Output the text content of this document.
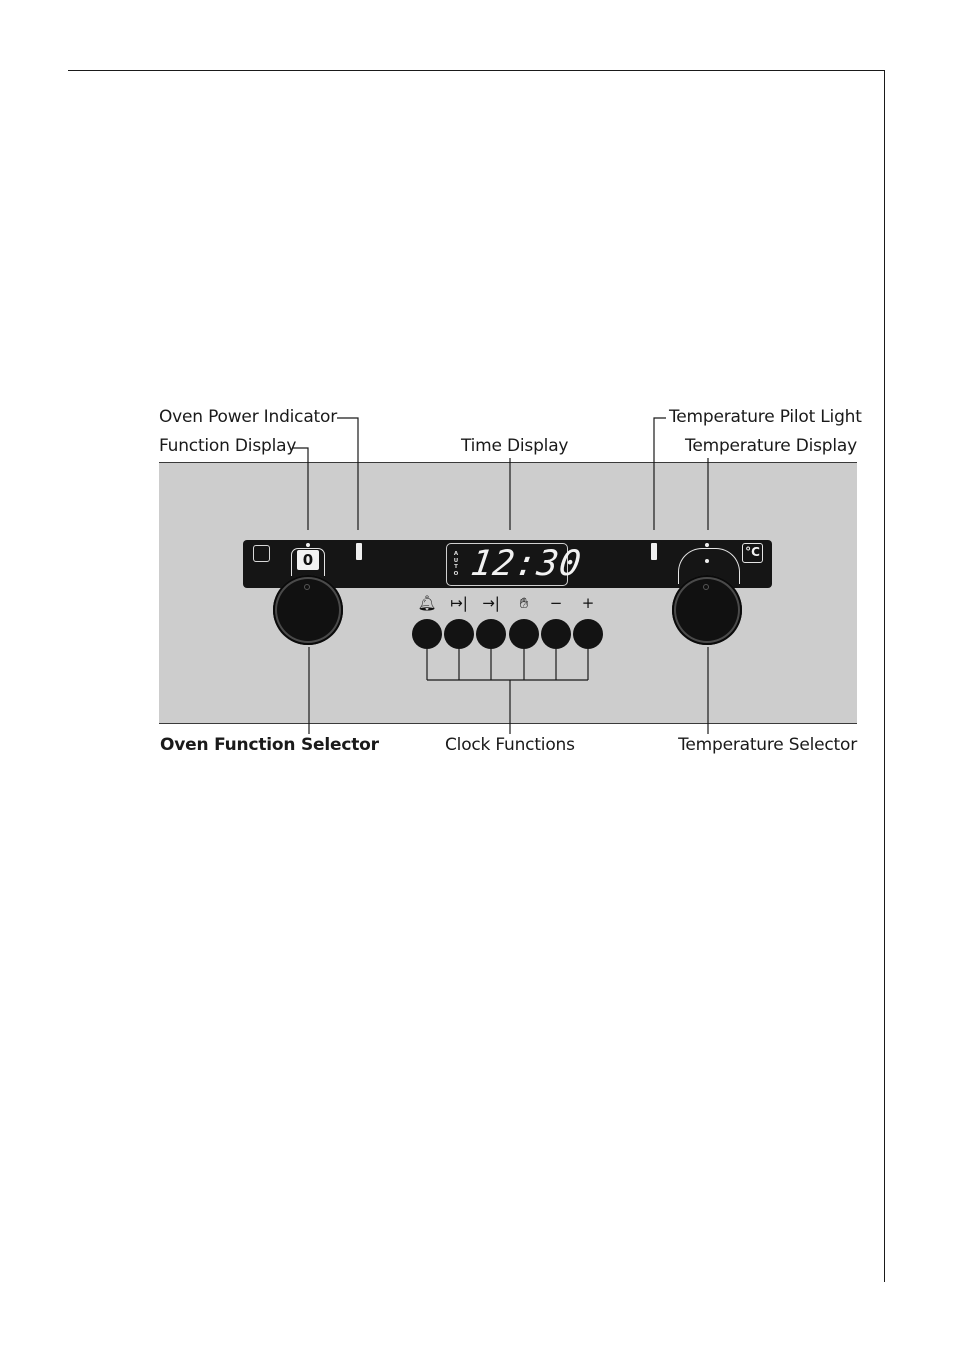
Oven Power Indicator
Function Display	Time Display
Temperature Pilot Light
Temperature Display
Oven Function Selector	Clock Functions	Temperature Selector
0	A
U
T
O 12:30	°C
🔔︎ ↦| →|	✋︎	−	+
